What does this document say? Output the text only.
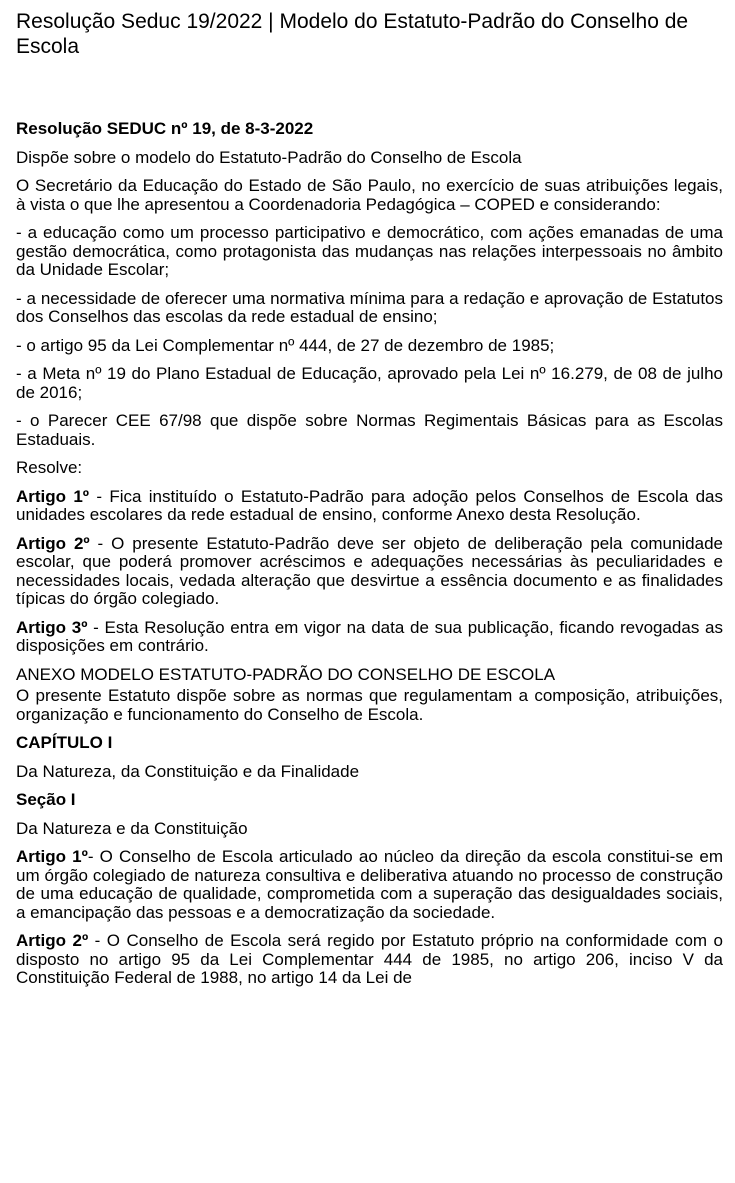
Resolução Seduc 19/2022 | Modelo do Estatuto-Padrão do Conselho de Escola

Resolução SEDUC nº 19, de 8-3-2022

Dispõe sobre o modelo do Estatuto-Padrão do Conselho de Escola

O Secretário da Educação do Estado de São Paulo, no exercício de suas atribuições legais, à vista o que lhe apresentou a Coordenadoria Pedagógica – COPED e considerando:

- a educação como um processo participativo e democrático, com ações emanadas de uma gestão democrática, como protagonista das mudanças nas relações interpessoais no âmbito da Unidade Escolar;

- a necessidade de oferecer uma normativa mínima para a redação e aprovação de Estatutos dos Conselhos das escolas da rede estadual de ensino;

- o artigo 95 da Lei Complementar nº 444, de 27 de dezembro de 1985;

- a Meta nº 19 do Plano Estadual de Educação, aprovado pela Lei nº 16.279, de 08 de julho de 2016;

- o Parecer CEE 67/98 que dispõe sobre Normas Regimentais Básicas para as Escolas Estaduais.

Resolve:

Artigo 1º - Fica instituído o Estatuto-Padrão para adoção pelos Conselhos de Escola das unidades escolares da rede estadual de ensino, conforme Anexo desta Resolução.

Artigo 2º - O presente Estatuto-Padrão deve ser objeto de deliberação pela comunidade escolar, que poderá promover acréscimos e adequações necessárias às peculiaridades e necessidades locais, vedada alteração que desvirtue a essência documento e as finalidades típicas do órgão colegiado.

Artigo 3º - Esta Resolução entra em vigor na data de sua publicação, ficando revogadas as disposições em contrário.

ANEXO MODELO ESTATUTO-PADRÃO DO CONSELHO DE ESCOLA

O presente Estatuto dispõe sobre as normas que regulamentam a composição, atribuições, organização e funcionamento do Conselho de Escola.

CAPÍTULO I

Da Natureza, da Constituição e da Finalidade

Seção I

Da Natureza e da Constituição

Artigo 1º- O Conselho de Escola articulado ao núcleo da direção da escola constitui-se em um órgão colegiado de natureza consultiva e deliberativa atuando no processo de construção de uma educação de qualidade, comprometida com a superação das desigualdades sociais, a emancipação das pessoas e a democratização da sociedade.

Artigo 2º - O Conselho de Escola será regido por Estatuto próprio na conformidade com o disposto no artigo 95 da Lei Complementar 444 de 1985, no artigo 206, inciso V da Constituição Federal de 1988, no artigo 14 da Lei de
